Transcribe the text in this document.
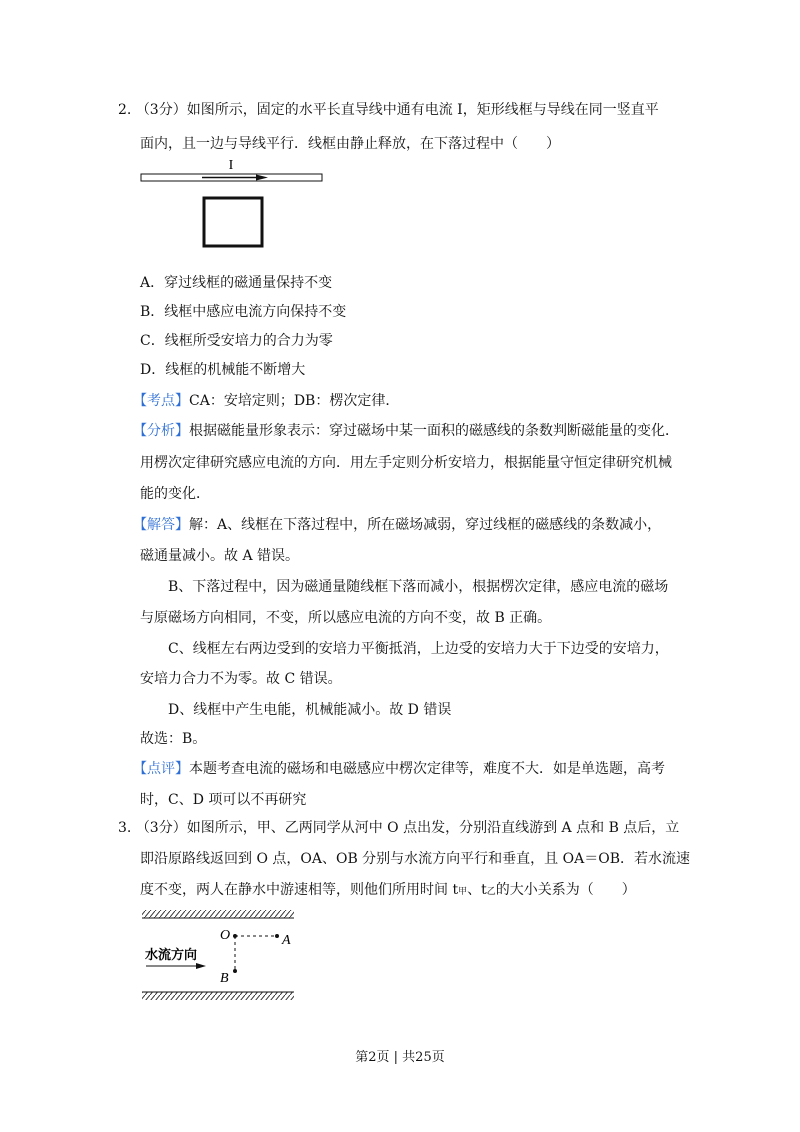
2. （3分）如图所示，固定的水平长直导线中通有电流 I，矩形线框与导线在同一竖直平
面内，且一边与导线平行．线框由静止释放，在下落过程中（　　）
I
A．穿过线框的磁通量保持不变
B．线框中感应电流方向保持不变
C．线框所受安培力的合力为零
D．线框的机械能不断增大
【考点】CA：安培定则；DB：楞次定律．
【分析】根据磁能量形象表示：穿过磁场中某一面积的磁感线的条数判断磁能量的变化．
用楞次定律研究感应电流的方向．用左手定则分析安培力，根据能量守恒定律研究机械
能的变化．
【解答】解：A、线框在下落过程中，所在磁场减弱，穿过线框的磁感线的条数减小，
磁通量减小。故 A 错误。
B、下落过程中，因为磁通量随线框下落而减小，根据楞次定律，感应电流的磁场
与原磁场方向相同，不变，所以感应电流的方向不变，故 B 正确。
C、线框左右两边受到的安培力平衡抵消，上边受的安培力大于下边受的安培力，
安培力合力不为零。故 C 错误。
D、线框中产生电能，机械能减小。故 D 错误
故选：B。
【点评】本题考查电流的磁场和电磁感应中楞次定律等，难度不大．如是单选题，高考
时，C、D 项可以不再研究
3. （3分）如图所示，甲、乙两同学从河中 O 点出发，分别沿直线游到 A 点和 B 点后，立
即沿原路线返回到 O 点，OA、OB 分别与水流方向平行和垂直，且 OA＝OB．若水流速
度不变，两人在静水中游速相等，则他们所用时间 t甲、t乙的大小关系为（　　）
水流方向
O	A
B
第2页 | 共25页
